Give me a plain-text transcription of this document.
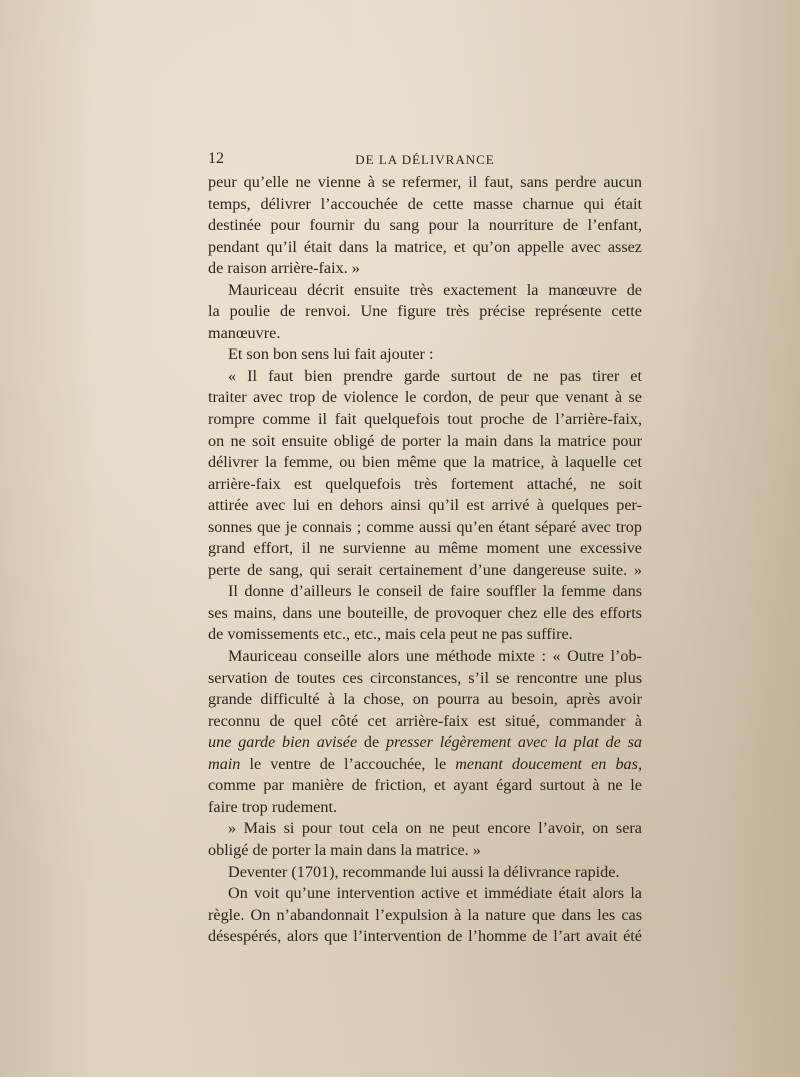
12	DE LA DÉLIVRANCE
peur qu’elle ne vienne à se refermer, il faut, sans perdre aucun
temps, délivrer l’accouchée de cette masse charnue qui était
destinée pour fournir du sang pour la nourriture de l’enfant,
pendant qu’il était dans la matrice, et qu’on appelle avec assez
de raison arrière-faix. »
Mauriceau décrit ensuite très exactement la manœuvre de
la poulie de renvoi. Une figure très précise représente cette
manœuvre.
Et son bon sens lui fait ajouter :
« Il faut bien prendre garde surtout de ne pas tirer et
traiter avec trop de violence le cordon, de peur que venant à se
rompre comme il fait quelquefois tout proche de l’arrière-faix,
on ne soit ensuite obligé de porter la main dans la matrice pour
délivrer la femme, ou bien même que la matrice, à laquelle cet
arrière-faix est quelquefois très fortement attaché, ne soit
attirée avec lui en dehors ainsi qu’il est arrivé à quelques per-
sonnes que je connais ; comme aussi qu’en étant séparé avec trop
grand effort, il ne survienne au même moment une excessive
perte de sang, qui serait certainement d’une dangereuse suite. »
Il donne d’ailleurs le conseil de faire souffler la femme dans
ses mains, dans une bouteille, de provoquer chez elle des efforts
de vomissements etc., etc., mais cela peut ne pas suffire.
Mauriceau conseille alors une méthode mixte : « Outre l’ob-
servation de toutes ces circonstances, s’il se rencontre une plus
grande difficulté à la chose, on pourra au besoin, après avoir
reconnu de quel côté cet arrière-faix est situé, commander à
une garde bien avisée de presser légèrement avec la plat de sa
main le ventre de l’accouchée, le menant doucement en bas,
comme par manière de friction, et ayant égard surtout à ne le
faire trop rudement.
» Mais si pour tout cela on ne peut encore l’avoir, on sera
obligé de porter la main dans la matrice. »
Deventer (1701), recommande lui aussi la délivrance rapide.
On voit qu’une intervention active et immédiate était alors la
règle. On n’abandonnait l’expulsion à la nature que dans les cas
désespérés, alors que l’intervention de l’homme de l’art avait été
